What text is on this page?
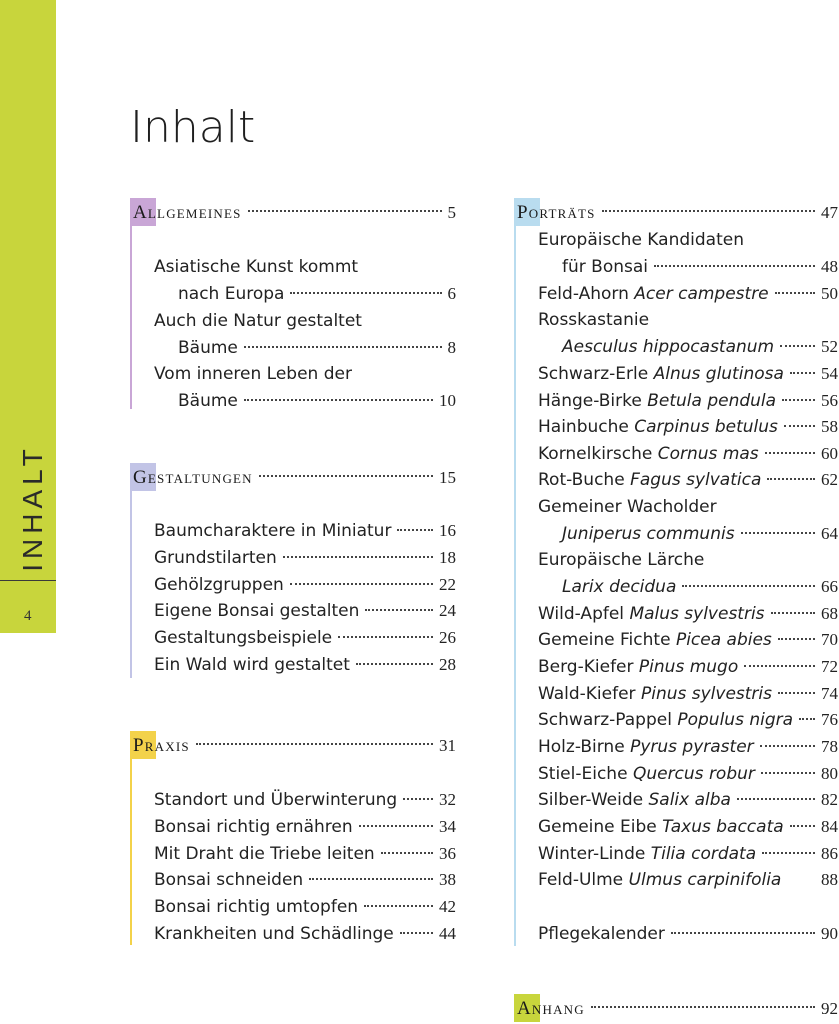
INHALT
4
Inhalt
Allgemeines	5
Asiatische Kunst kommt
nach Europa	6
Auch die Natur gestaltet
Bäume	8
Vom inneren Leben der
Bäume	10
Gestaltungen	15
Baumcharaktere in Miniatur	16
Grundstilarten	18
Gehölzgruppen	22
Eigene Bonsai gestalten	24
Gestaltungsbeispiele	26
Ein Wald wird gestaltet	28
Praxis	31
Standort und Überwinterung 32
Bonsai richtig ernähren	34
Mit Draht die Triebe leiten	36
Bonsai schneiden	38
Bonsai richtig umtopfen	42
Krankheiten und Schädlinge	44
Porträts	47
Europäische Kandidaten
für Bonsai	48
Feld-Ahorn Acer campestre	50
Rosskastanie
Aesculus hippocastanum	52
Schwarz-Erle Alnus glutinosa 54
Hänge-Birke Betula pendula	56
Hainbuche Carpinus betulus	58
Kornelkirsche Cornus mas	60
Rot-Buche Fagus sylvatica	62
Gemeiner Wacholder
Juniperus communis	64
Europäische Lärche
Larix decidua	66
Wild-Apfel Malus sylvestris	68
Gemeine Fichte Picea abies	70
Berg-Kiefer Pinus mugo	72
Wald-Kiefer Pinus sylvestris	74
Schwarz-Pappel Populus nigra 76
Holz-Birne Pyrus pyraster	78
Stiel-Eiche Quercus robur	80
Silber-Weide Salix alba	82
Gemeine Eibe Taxus baccata 84
Winter-Linde Tilia cordata	86
Feld-Ulme Ulmus carpinifolia 88
Pflegekalender	90
Anhang	92
